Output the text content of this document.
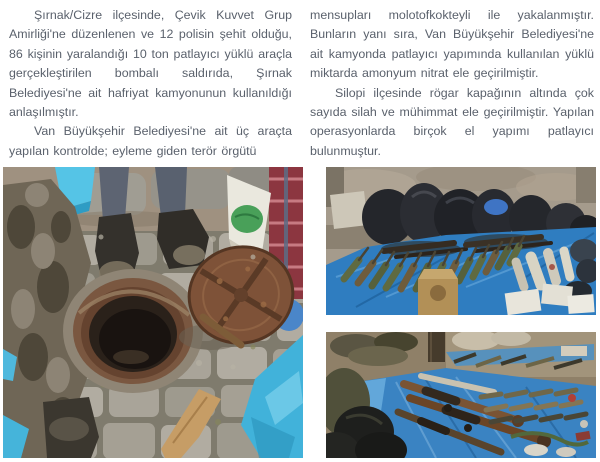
Şırnak/Cizre ilçesinde, Çevik Kuvvet Grup Amirliği'ne düzenlenen ve 12 polisin şehit olduğu, 86 kişinin yaralandığı 10 ton patlayıcı yüklü araçla gerçekleştirilen bombalı saldırıda, Şırnak Belediyesi'ne ait hafriyat kamyonunun kullanıldığı anlaşılmıştır.

Van Büyükşehir Belediyesi'ne ait üç araçta yapılan kontrolde; eyleme giden terör örgütü

mensupları molotofkokteyli ile yakalanmıştır. Bunların yanı sıra, Van Büyükşehir Belediyesi'ne ait kamyonda patlayıcı yapımında kullanılan yüklü miktarda amonyum nitrat ele geçirilmiştir.

Silopi ilçesinde rögar kapağının altında çok sayıda silah ve mühimmat ele geçirilmiştir. Yapılan operasyonlarda birçok el yapımı patlayıcı bulunmuştur.
